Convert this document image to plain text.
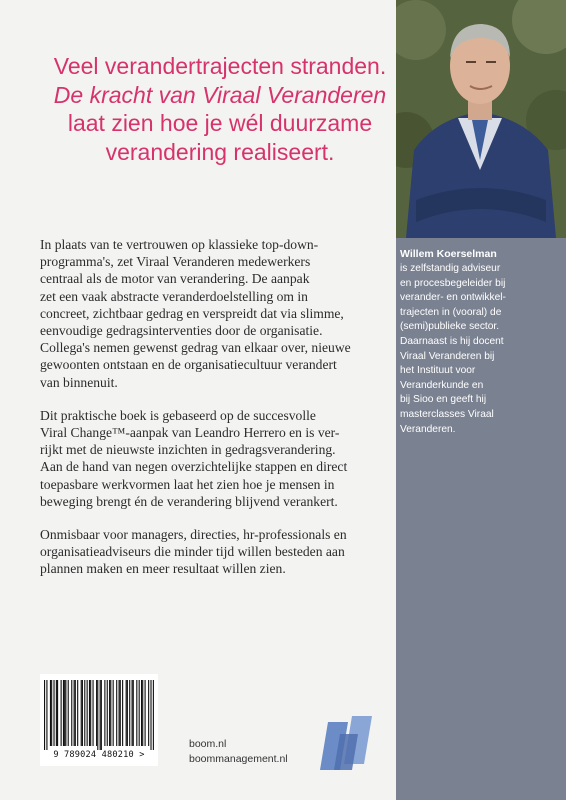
Veel verandertrajecten stranden. De kracht van Viraal Veranderen laat zien hoe je wél duurzame verandering realiseert.

In plaats van te vertrouwen op klassieke top-down-
programma's, zet Viraal Veranderen medewerkers
centraal als de motor van verandering. De aanpak
zet een vaak abstracte veranderdoelstelling om in
concreet, zichtbaar gedrag en verspreidt dat via slimme,
eenvoudige gedragsinterventies door de organisatie.
Collega's nemen gewenst gedrag van elkaar over, nieuwe
gewoonten ontstaan en de organisatiecultuur verandert
van binnenuit.

Dit praktische boek is gebaseerd op de succesvolle
Viral Change™-aanpak van Leandro Herrero en is ver-
rijkt met de nieuwste inzichten in gedragsverandering.
Aan de hand van negen overzichtelijke stappen en direct
toepasbare werkvormen laat het zien hoe je mensen in
beweging brengt én de verandering blijvend verankert.

Onmisbaar voor managers, directies, hr-professionals en
organisatieadviseurs die minder tijd willen besteden aan
plannen maken en meer resultaat willen zien.

9 789024 480210 >
boom.nl
boommanagement.nl
Willem Koerselman
is zelfstandig adviseur
en procesbegeleider bij
verander- en ontwikkel-
trajecten in (vooral) de
(semi)publieke sector.
Daarnaast is hij docent
Viraal Veranderen bij
het Instituut voor
Veranderkunde en
bij Sioo en geeft hij
masterclasses Viraal
Veranderen.
